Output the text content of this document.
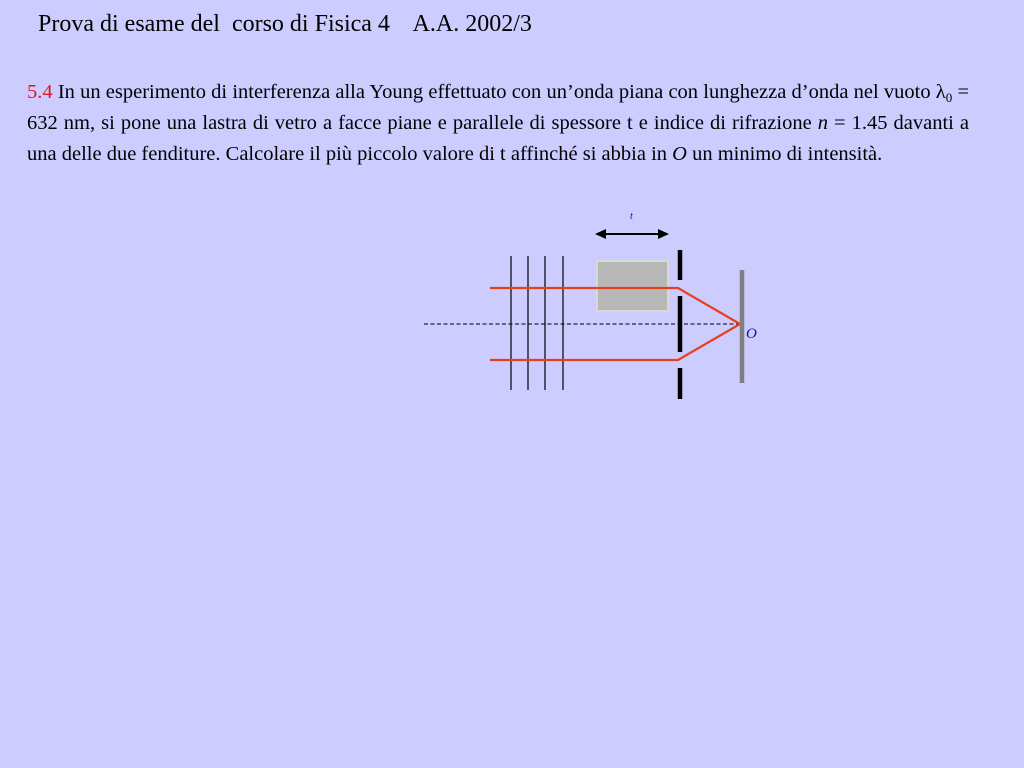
Prova di esame del  corso di Fisica 4    A.A. 2002/3
5.4 In un esperimento di interferenza alla Young effettuato con un’onda piana con lunghezza d’onda nel vuoto $\lambda_0 = 632$ nm, si pone una lastra di vetro a facce piane e parallele di spessore t e indice di rifrazione n = 1.45 davanti a una delle due fenditure. Calcolare il più piccolo valore di t affinché si abbia in O un minimo di intensità.
t
O
